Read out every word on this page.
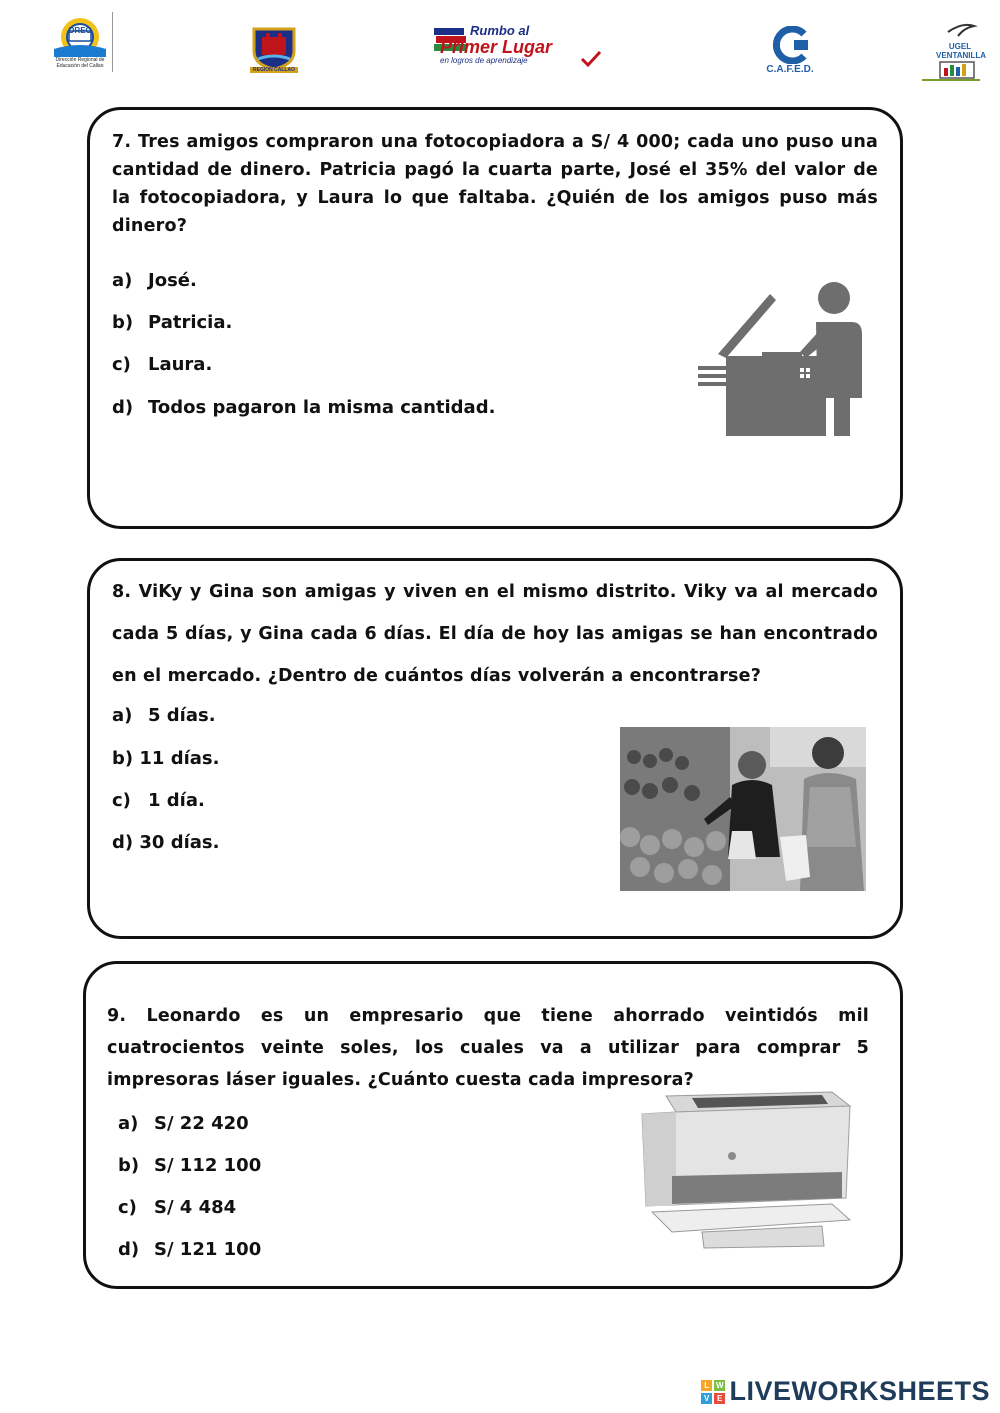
DREC
Dirección Regional de
Educación del Callao
REGION CALLAO
Rumbo al
Primer Lugar
en logros de aprendizaje
C.A.F.E.D.
UGEL VENTANILLA
7. Tres amigos compraron una fotocopiadora a S/ 4 000; cada uno puso una cantidad de dinero. Patricia pagó la cuarta parte, José el 35% del valor de la fotocopiadora, y Laura lo que faltaba. ¿Quién de los amigos puso más dinero?
a) José.
b) Patricia.
c) Laura.
d) Todos pagaron la misma cantidad.
8. ViKy y Gina son amigas y viven en el mismo distrito. Viky va al mercado cada 5 días, y Gina cada 6 días. El día de hoy las amigas se han encontrado en el mercado. ¿Dentro de cuántos días volverán a encontrarse?
a) 5 días.
b) 11 días.
c) 1 día.
d) 30 días.
9. Leonardo es un empresario que tiene ahorrado veintidós mil cuatrocientos veinte soles, los cuales va a utilizar para comprar 5 impresoras láser iguales. ¿Cuánto cuesta cada impresora?
a) S/ 22 420
b) S/ 112 100
c) S/ 4 484
d) S/ 121 100
L W
V E LIVEWORKSHEETS
